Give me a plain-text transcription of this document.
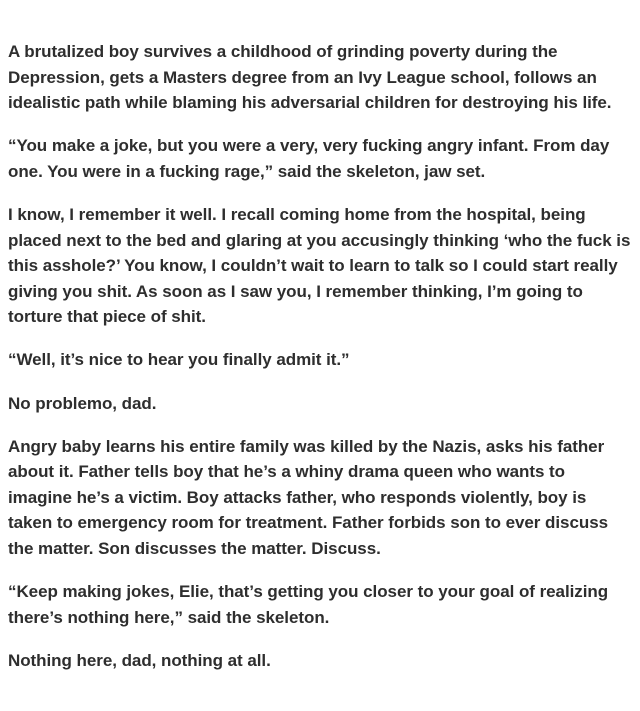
A brutalized boy survives a childhood of grinding poverty during the Depression, gets a Masters degree from an Ivy League school, follows an idealistic path while blaming his adversarial children for destroying his life.

“You make a joke, but you were a very, very fucking angry infant. From day one. You were in a fucking rage,” said the skeleton, jaw set.

I know, I remember it well. I recall coming home from the hospital, being placed next to the bed and glaring at you accusingly thinking ‘who the fuck is this asshole?’ You know, I couldn’t wait to learn to talk so I could start really giving you shit. As soon as I saw you, I remember thinking, I’m going to torture that piece of shit.

“Well, it’s nice to hear you finally admit it.”

No problemo, dad.

Angry baby learns his entire family was killed by the Nazis, asks his father about it. Father tells boy that he’s a whiny drama queen who wants to imagine he’s a victim. Boy attacks father, who responds violently, boy is taken to emergency room for treatment. Father forbids son to ever discuss the matter. Son discusses the matter. Discuss.

“Keep making jokes, Elie, that’s getting you closer to your goal of realizing there’s nothing here,” said the skeleton.

Nothing here, dad, nothing at all.
